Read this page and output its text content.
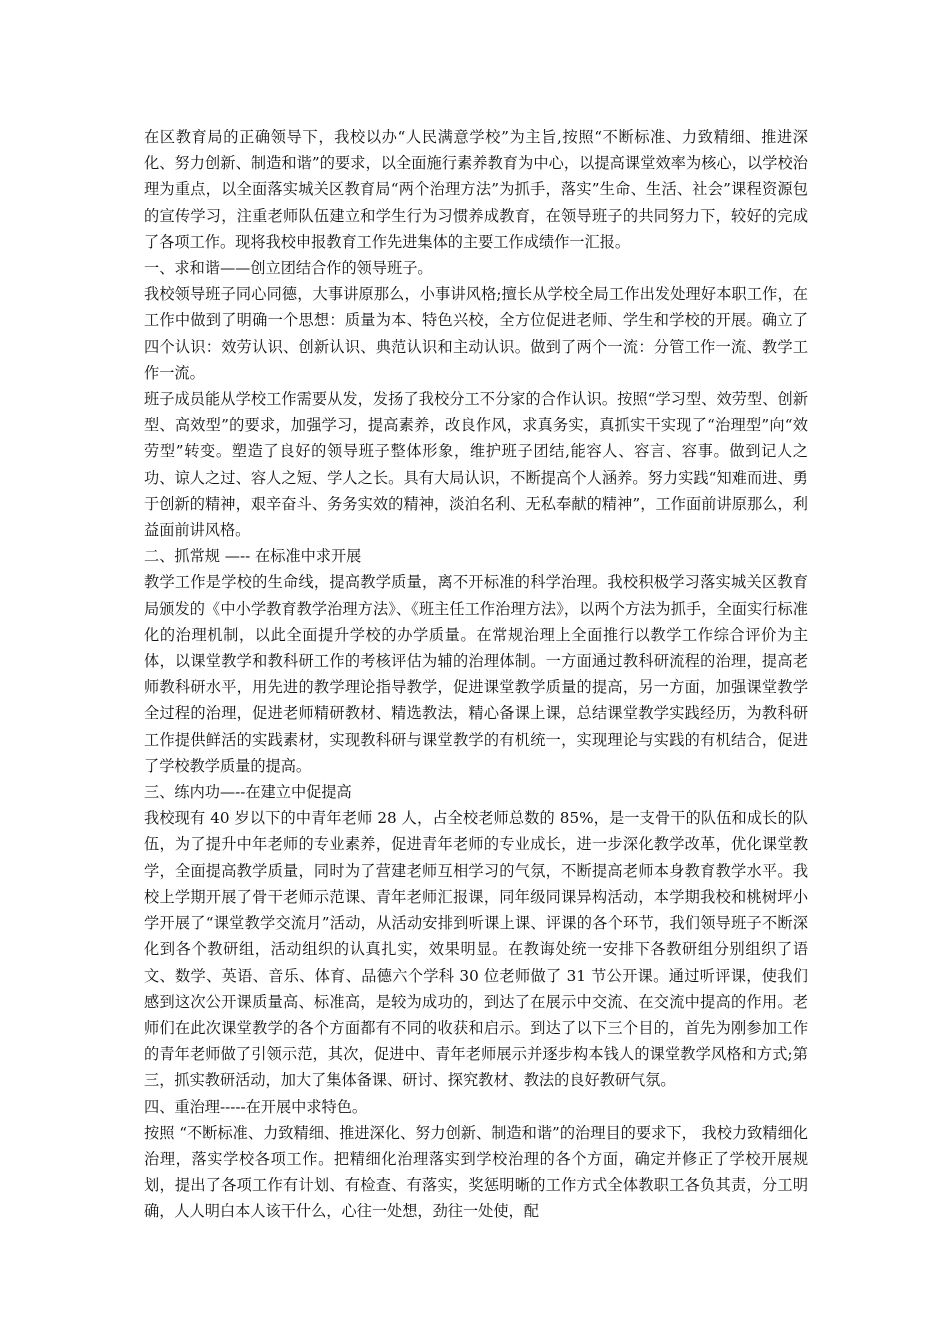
在区教育局的正确领导下，我校以办“人民满意学校”为主旨,按照“不断标准、力致精细、推进深化、努力创新、制造和谐”的要求，以全面施行素养教育为中心，以提高课堂效率为核心，以学校治理为重点，以全面落实城关区教育局“两个治理方法”为抓手，落实”生命、生活、社会”课程资源包的宣传学习，注重老师队伍建立和学生行为习惯养成教育，在领导班子的共同努力下，较好的完成了各项工作。现将我校申报教育工作先进集体的主要工作成绩作一汇报。

一、求和谐——创立团结合作的领导班子。

我校领导班子同心同德，大事讲原那么，小事讲风格;擅长从学校全局工作出发处理好本职工作，在工作中做到了明确一个思想：质量为本、特色兴校，全方位促进老师、学生和学校的开展。确立了四个认识：效劳认识、创新认识、典范认识和主动认识。做到了两个一流：分管工作一流、教学工作一流。

班子成员能从学校工作需要从发，发扬了我校分工不分家的合作认识。按照“学习型、效劳型、创新型、高效型”的要求，加强学习，提高素养，改良作风，求真务实，真抓实干实现了“治理型”向“效劳型”转变。塑造了良好的领导班子整体形象，维护班子团结,能容人、容言、容事。做到记人之功、谅人之过、容人之短、学人之长。具有大局认识，不断提高个人涵养。努力实践“知难而进、勇于创新的精神，艰辛奋斗、务务实效的精神，淡泊名利、无私奉献的精神”，工作面前讲原那么，利益面前讲风格。

二、抓常规 —-- 在标准中求开展

教学工作是学校的生命线，提高教学质量，离不开标准的科学治理。我校积极学习落实城关区教育局颁发的《中小学教育教学治理方法》、《班主任工作治理方法》，以两个方法为抓手，全面实行标准化的治理机制，以此全面提升学校的办学质量。在常规治理上全面推行以教学工作综合评价为主体，以课堂教学和教科研工作的考核评估为辅的治理体制。一方面通过教科研流程的治理，提高老师教科研水平，用先进的教学理论指导教学，促进课堂教学质量的提高，另一方面，加强课堂教学全过程的治理，促进老师精研教材、精选教法，精心备课上课，总结课堂教学实践经历，为教科研工作提供鲜活的实践素材，实现教科研与课堂教学的有机统一，实现理论与实践的有机结合，促进了学校教学质量的提高。

三、练内功—--在建立中促提高

我校现有 40 岁以下的中青年老师 28 人，占全校老师总数的 85%，是一支骨干的队伍和成长的队伍，为了提升中年老师的专业素养，促进青年老师的专业成长，进一步深化教学改革，优化课堂教学，全面提高教学质量，同时为了营建老师互相学习的气氛，不断提高老师本身教育教学水平。我校上学期开展了骨干老师示范课、青年老师汇报课，同年级同课异构活动，本学期我校和桃树坪小学开展了“课堂教学交流月”活动，从活动安排到听课上课、评课的各个环节，我们领导班子不断深化到各个教研组，活动组织的认真扎实，效果明显。在教诲处统一安排下各教研组分别组织了语文、数学、英语、音乐、体育、品德六个学科 30 位老师做了 31 节公开课。通过听评课，使我们感到这次公开课质量高、标准高，是较为成功的，到达了在展示中交流、在交流中提高的作用。老师们在此次课堂教学的各个方面都有不同的收获和启示。到达了以下三个目的，首先为刚参加工作的青年老师做了引领示范，其次，促进中、青年老师展示并逐步构本钱人的课堂教学风格和方式;第三，抓实教研活动，加大了集体备课、研讨、探究教材、教法的良好教研气氛。

四、重治理-----在开展中求特色。

按照 “不断标准、力致精细、推进深化、努力创新、制造和谐”的治理目的要求下， 我校力致精细化治理，落实学校各项工作。把精细化治理落实到学校治理的各个方面，确定并修正了学校开展规划，提出了各项工作有计划、有检查、有落实，奖惩明晰的工作方式全体教职工各负其责，分工明确，人人明白本人该干什么，心往一处想，劲往一处使，配
